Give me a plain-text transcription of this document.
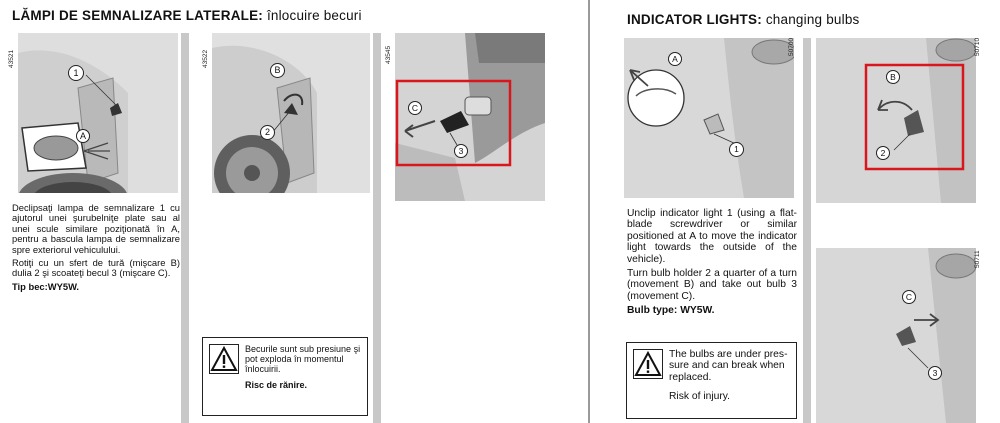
LĂMPI DE SEMNALIZARE LATERALE: înlocuire becuri
1
A
43521
B
2
43522
C
3
43545

Declipsaţi lampa de semnalizare 1 cu ajutorul unei şurubelniţe plate sau al unei scule similare poziţionată în A, pentru a bascula lampa de semnalizare spre exteriorul vehiculului.

Rotiţi cu un sfert de tură (mişcare B) dulia 2 şi scoateţi becul 3 (mişcare C).

Tip bec:WY5W.

Becurile sunt sub presiune şi pot exploda în momentul înlocuirii.
Risc de rănire.
INDICATOR LIGHTS: changing bulbs
A
1
50700
B
2
50710
C
3
50711

Unclip indicator light 1 (using a flat-blade screwdriver or similar positioned at A to move the indicator light towards the outside of the vehicle).

Turn bulb holder 2 a quarter of a turn (movement B) and take out bulb 3 (movement C).

Bulb type: WY5W.

The bulbs are under pressure and can break when replaced.
Risk of injury.
